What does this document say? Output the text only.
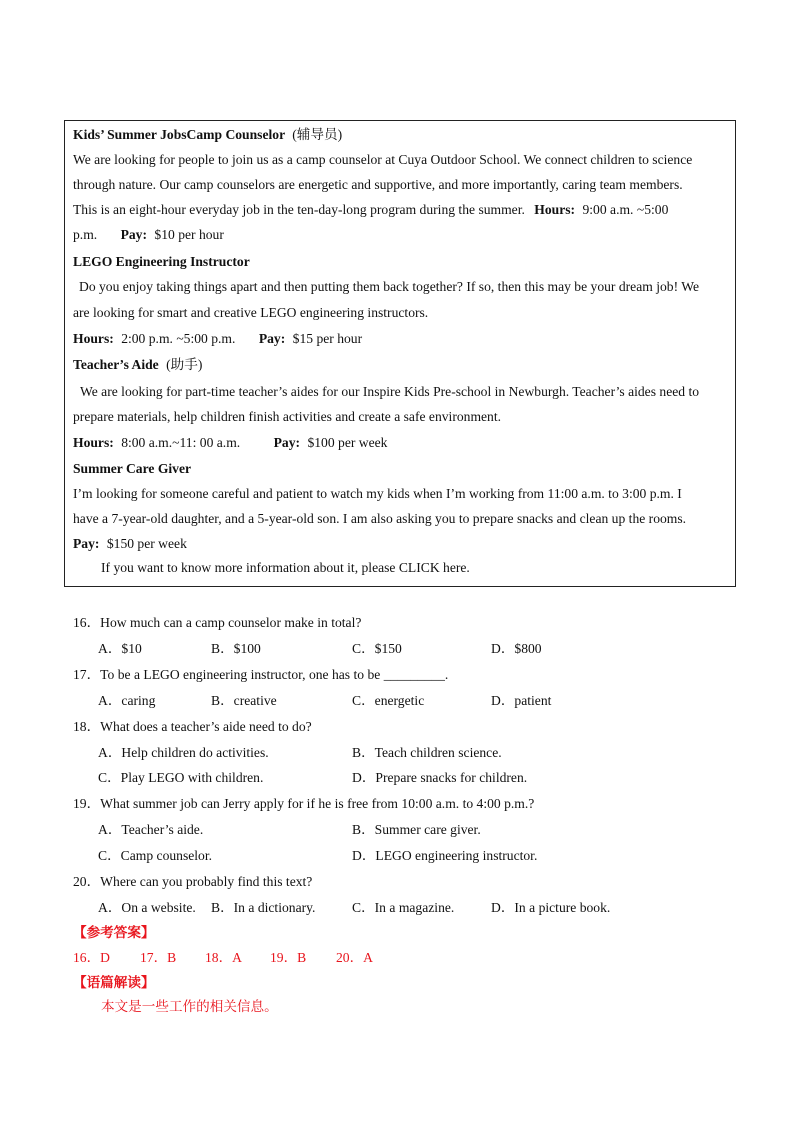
Kids’ Summer JobsCamp Counselor (辅导员)
We are looking for people to join us as a camp counselor at Cuya Outdoor School. We connect children to science
through nature. Our camp counselors are energetic and supportive, and more importantly, caring team members.
This is an eight-hour everyday job in the ten-day-long program during the summer. Hours: 9:00 a.m. ~5:00
p.m. Pay: $10 per hour
LEGO Engineering Instructor
Do you enjoy taking things apart and then putting them back together? If so, then this may be your dream job! We
are looking for smart and creative LEGO engineering instructors.
Hours: 2:00 p.m. ~5:00 p.m. Pay: $15 per hour
Teacher’s Aide (助手)
We are looking for part-time teacher’s aides for our Inspire Kids Pre-school in Newburgh. Teacher’s aides need to
prepare materials, help children finish activities and create a safe environment.
Hours: 8:00 a.m.~11: 00 a.m. Pay: $100 per week
Summer Care Giver
I’m looking for someone careful and patient to watch my kids when I’m working from 11:00 a.m. to 3:00 p.m. I
have a 7-year-old daughter, and a 5-year-old son. I am also asking you to prepare snacks and clean up the rooms.
Pay: $150 per week
If you want to know more information about it, please CLICK here.
16．How much can a camp counselor make in total?
A．$10	B．$100	C．$150	D．$800
17．To be a LEGO engineering instructor, one has to be _________.
A．caring	B．creative	C．energetic	D．patient
18．What does a teacher’s aide need to do?
A．Help children do activities.	B．Teach children science.
C．Play LEGO with children.	D．Prepare snacks for children.
19．What summer job can Jerry apply for if he is free from 10:00 a.m. to 4:00 p.m.?
A．Teacher’s aide.	B．Summer care giver.
C．Camp counselor.	D．LEGO engineering instructor.
20．Where can you probably find this text?
A．On a website. B．In a dictionary.	C．In a magazine.	D．In a picture book.
【参考答案】
16．D 17．B 18．A 19．B 20．A
【语篇解读】
本文是一些工作的相关信息。
